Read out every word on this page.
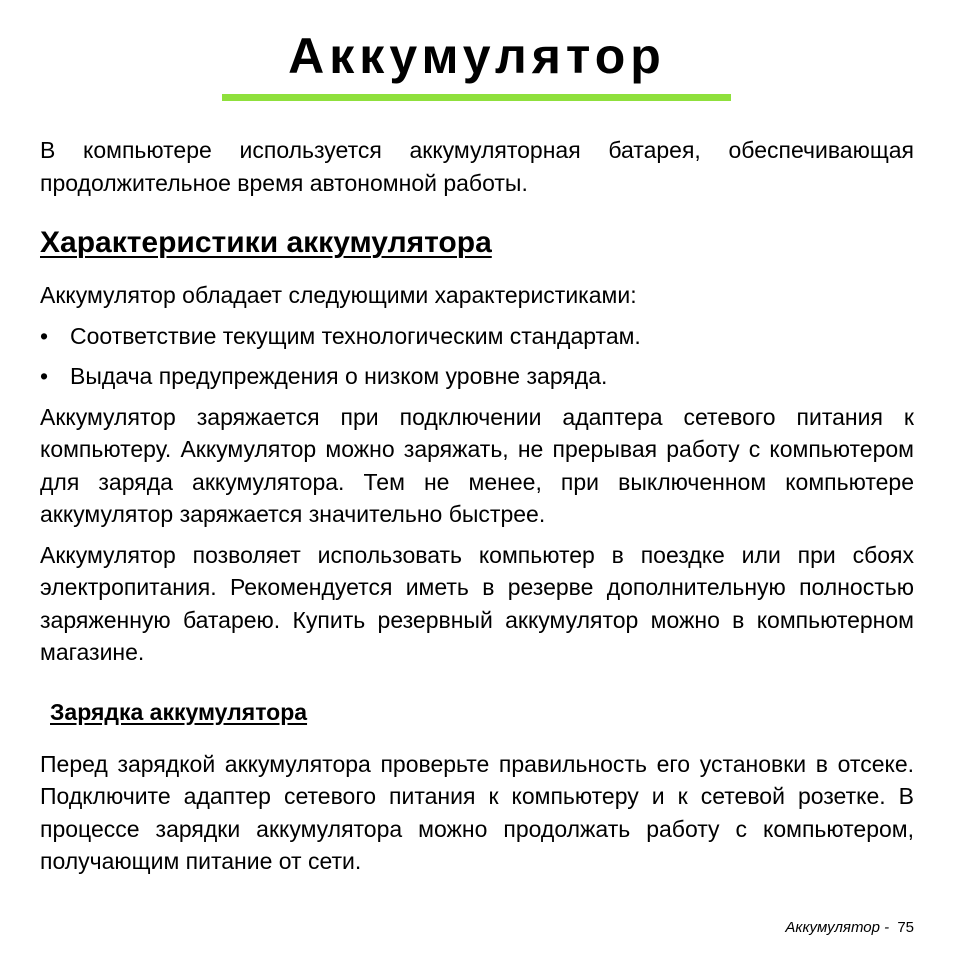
Аккумулятор

В компьютере используется аккумуляторная батарея, обеспечивающая продолжительное время автономной работы.

Характеристики аккумулятора

Аккумулятор обладает следующими характеристиками:

• Соответствие текущим технологическим стандартам.
• Выдача предупреждения о низком уровне заряда.

Аккумулятор заряжается при подключении адаптера сетевого питания к компьютеру. Аккумулятор можно заряжать, не прерывая работу с компьютером для заряда аккумулятора. Тем не менее, при выключенном компьютере аккумулятор заряжается значительно быстрее.

Аккумулятор позволяет использовать компьютер в поездке или при сбоях электропитания. Рекомендуется иметь в резерве дополнительную полностью заряженную батарею. Купить резервный аккумулятор можно в компьютерном магазине.

Зарядка аккумулятора

Перед зарядкой аккумулятора проверьте правильность его установки в отсеке. Подключите адаптер сетевого питания к компьютеру и к сетевой розетке. В процессе зарядки аккумулятора можно продолжать работу с компьютером, получающим питание от сети.

Аккумулятор - 75
